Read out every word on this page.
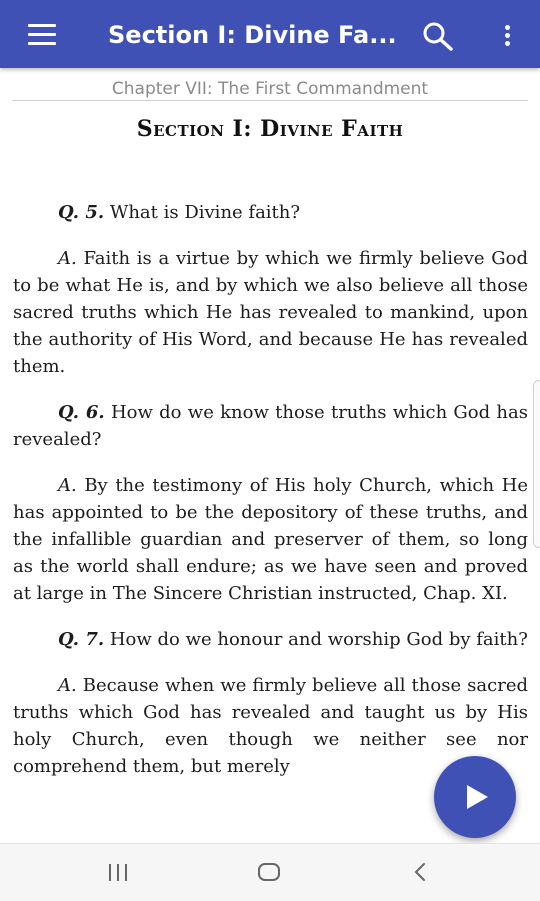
Section I: Divine Fa...
Chapter VII: The First Commandment
Section I: Divine Faith

Q. 5. What is Divine faith?

A. Faith is a virtue by which we firmly believe God to be what He is, and by which we also believe all those sacred truths which He has revealed to mankind, upon the authority of His Word, and because He has revealed them.

Q. 6. How do we know those truths which God has revealed?

A. By the testimony of His holy Church, which He has appointed to be the depository of these truths, and the infallible guardian and preserver of them, so long as the world shall endure; as we have seen and proved at large in The Sincere Christian instructed, Chap. XI.

Q. 7. How do we honour and worship God by faith?

A. Because when we firmly believe all those sacred truths which God has revealed and taught us by His holy Church, even though we neither see nor comprehend them, but merely
